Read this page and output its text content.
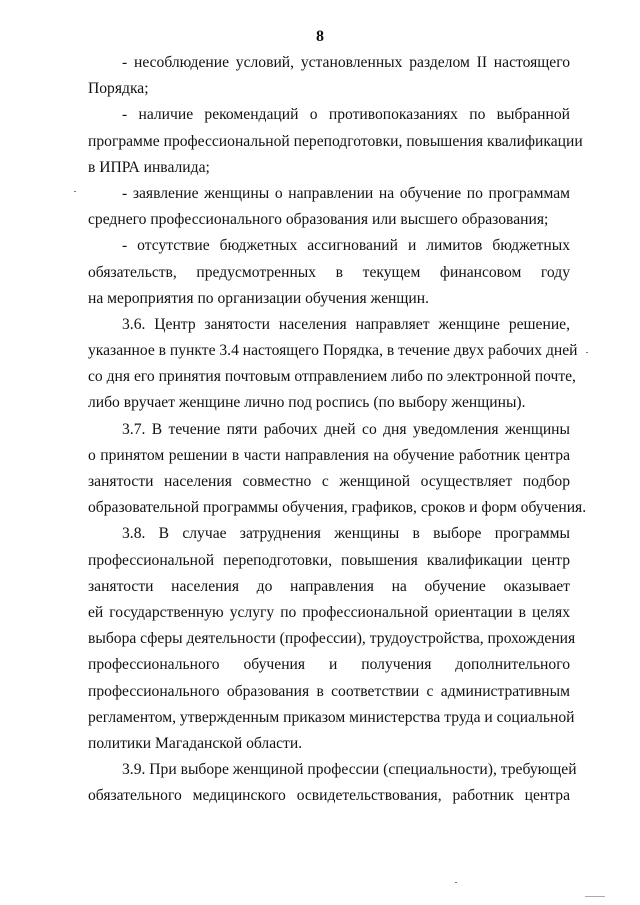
8
- несоблюдение условий, установленных разделом II настоящего
Порядка;
- наличие рекомендаций о противопоказаниях по выбранной
программе профессиональной переподготовки, повышения квалификации
в ИПРА инвалида;
- заявление женщины о направлении на обучение по программам
среднего профессионального образования или высшего образования;
- отсутствие бюджетных ассигнований и лимитов бюджетных
обязательств, предусмотренных в текущем финансовом году
на мероприятия по организации обучения женщин.
3.6. Центр занятости населения направляет женщине решение,
указанное в пункте 3.4 настоящего Порядка, в течение двух рабочих дней
со дня его принятия почтовым отправлением либо по электронной почте,
либо вручает женщине лично под роспись (по выбору женщины).
3.7. В течение пяти рабочих дней со дня уведомления женщины
о принятом решении в части направления на обучение работник центра
занятости населения совместно с женщиной осуществляет подбор
образовательной программы обучения, графиков, сроков и форм обучения.
3.8. В случае затруднения женщины в выборе программы
профессиональной переподготовки, повышения квалификации центр
занятости населения до направления на обучение оказывает
ей государственную услугу по профессиональной ориентации в целях
выбора сферы деятельности (профессии), трудоустройства, прохождения
профессионального обучения и получения дополнительного
профессионального образования в соответствии с административным
регламентом, утвержденным приказом министерства труда и социальной
политики Магаданской области.
3.9. При выборе женщиной профессии (специальности), требующей
обязательного медицинского освидетельствования, работник центра
